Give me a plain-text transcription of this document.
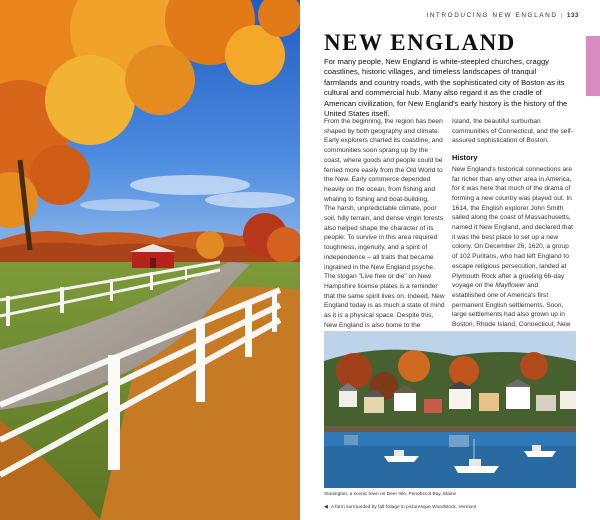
INTRODUCING NEW ENGLAND | 133
NEW ENGLAND

For many people, New England is white-steepled churches, craggy coastlines, historic villages, and timeless landscapes of tranquil farmlands and country roads, with the sophisticated city of Boston as its cultural and commercial hub. Many also regard it as the cradle of American civilization, for New England's early history is the history of the United States itself.

From the beginning, the region has been shaped by both geography and climate. Early explorers charted its coastline, and communities soon sprang up by the coast, where goods and people could be ferried more easily from the Old World to the New. Early commerce depended heavily on the ocean, from fishing and whaling to fishing and boat-building.

The harsh, unpredictable climate, poor soil, hilly terrain, and dense virgin forests also helped shape the character of its people. To survive in this area required toughness, ingenuity, and a spirit of independence – all traits that became ingrained in the New England psyche. The slogan "Live free or die" on New Hampshire license plates is a reminder that the same spirit lives on. Indeed, New England today is as much a state of mind as it is a physical space. Despite this, New England is also home to the

Island, the beautiful surburban communities of Connecticut, and the self-assured sophistication of Boston.

History

New England's historical connections are far richer than any other area in America, for it was here that much of the drama of forming a new country was played out. In 1614, the English explorer John Smith sailed along the coast of Massachusetts, named it New England, and declared that it was the best place to set up a new colony. On December 26, 1620, a group of 102 Puritans, who had left England to escape religious persecution, landed at Plymouth Rock after a grueling 66-day voyage on the Mayflower and established one of America's first permanent English settlements. Soon, large settlements had also grown up in Boston, Rhode Island, Connecticut, New

Stonington, a scenic town on Deer Isle, Penobscot Bay, Maine
◀ A farm surrounded by fall foliage in picturesque Woodstock, Vermont
